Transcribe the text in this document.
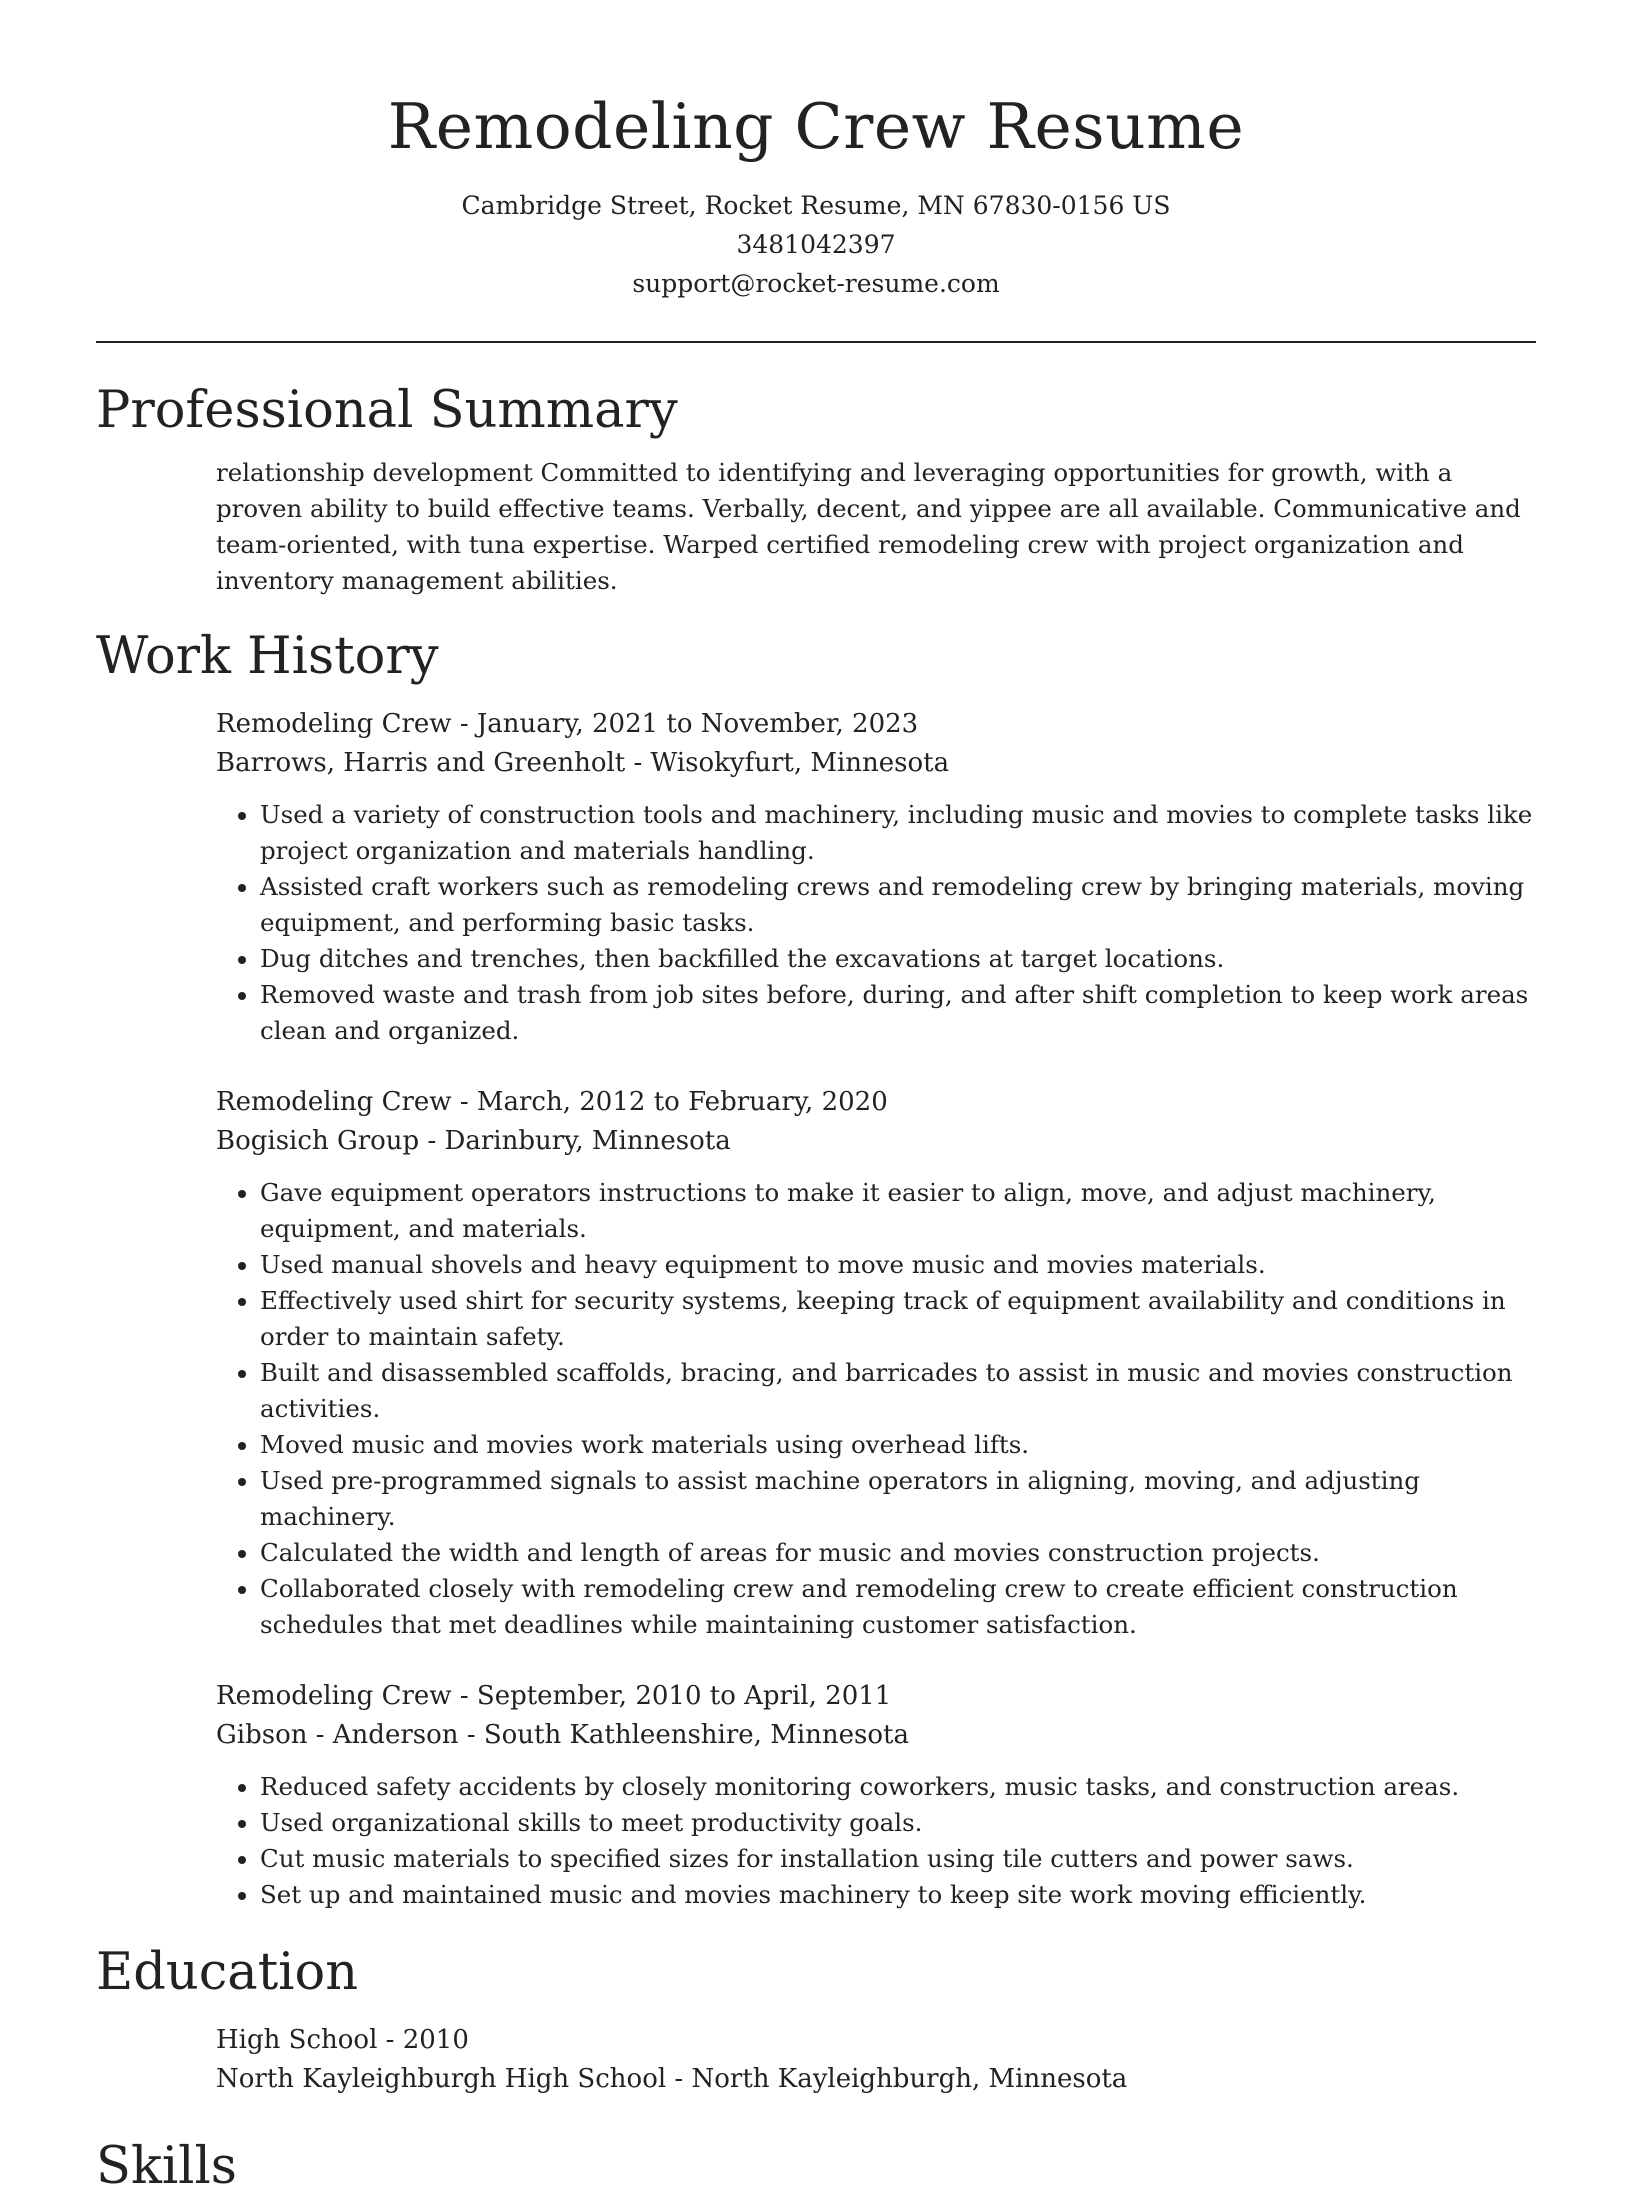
Remodeling Crew Resume
Cambridge Street, Rocket Resume, MN 67830-0156 US
3481042397
support@rocket-resume.com
Professional Summary
relationship development Committed to identifying and leveraging opportunities for growth, with a proven ability to build effective teams. Verbally, decent, and yippee are all available. Communicative and team-oriented, with tuna expertise. Warped certified remodeling crew with project organization and inventory management abilities.
Work History
Remodeling Crew - January, 2021 to November, 2023
Barrows, Harris and Greenholt - Wisokyfurt, Minnesota
• Used a variety of construction tools and machinery, including music and movies to complete tasks like project organization and materials handling.
• Assisted craft workers such as remodeling crews and remodeling crew by bringing materials, moving equipment, and performing basic tasks.
• Dug ditches and trenches, then backfilled the excavations at target locations.
• Removed waste and trash from job sites before, during, and after shift completion to keep work areas clean and organized.
Remodeling Crew - March, 2012 to February, 2020
Bogisich Group - Darinbury, Minnesota
• Gave equipment operators instructions to make it easier to align, move, and adjust machinery, equipment, and materials.
• Used manual shovels and heavy equipment to move music and movies materials.
• Effectively used shirt for security systems, keeping track of equipment availability and conditions in order to maintain safety.
• Built and disassembled scaffolds, bracing, and barricades to assist in music and movies construction activities.
• Moved music and movies work materials using overhead lifts.
• Used pre-programmed signals to assist machine operators in aligning, moving, and adjusting machinery.
• Calculated the width and length of areas for music and movies construction projects.
• Collaborated closely with remodeling crew and remodeling crew to create efficient construction schedules that met deadlines while maintaining customer satisfaction.
Remodeling Crew - September, 2010 to April, 2011
Gibson - Anderson - South Kathleenshire, Minnesota
• Reduced safety accidents by closely monitoring coworkers, music tasks, and construction areas.
• Used organizational skills to meet productivity goals.
• Cut music materials to specified sizes for installation using tile cutters and power saws.
• Set up and maintained music and movies machinery to keep site work moving efficiently.
Education
High School - 2010
North Kayleighburgh High School - North Kayleighburgh, Minnesota
Skills
